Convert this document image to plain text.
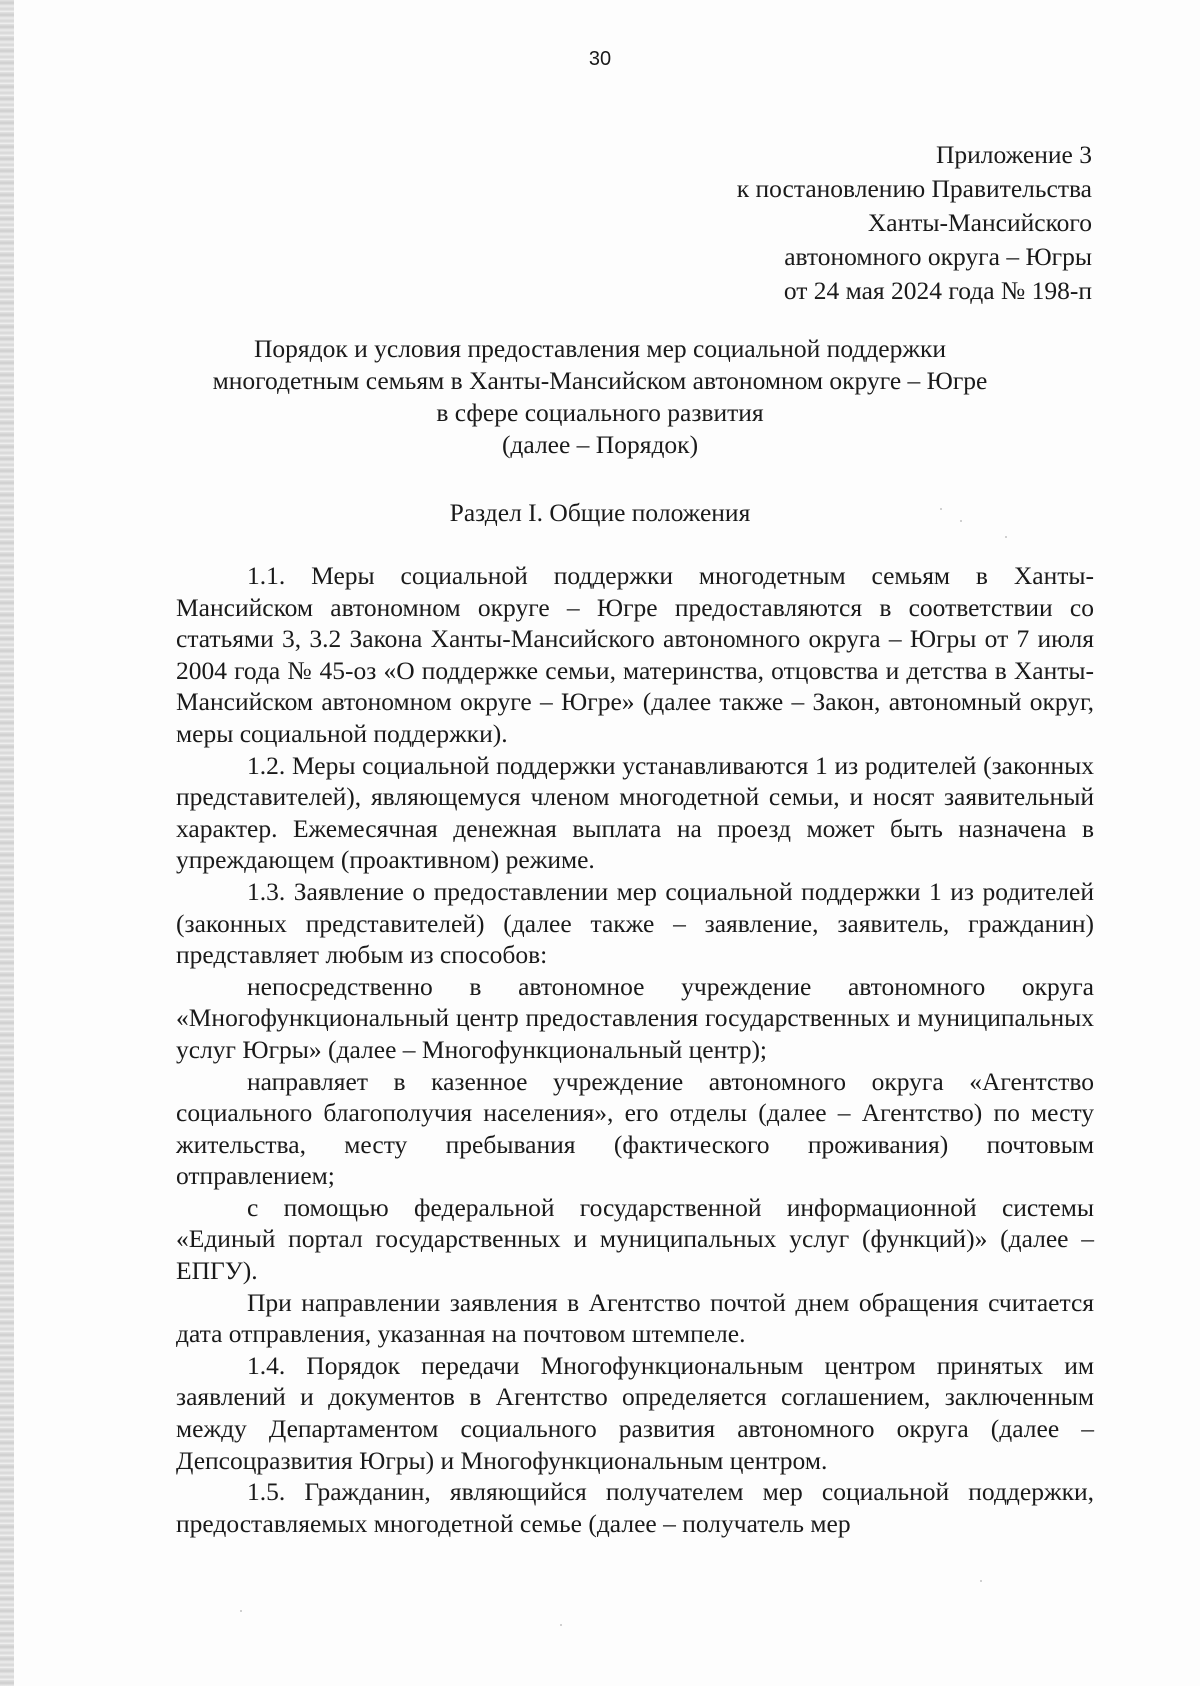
30
Приложение 3
к постановлению Правительства
Ханты-Мансийского
автономного округа – Югры
от 24 мая 2024 года № 198-п
Порядок и условия предоставления мер социальной поддержки
многодетным семьям в Ханты-Мансийском автономном округе – Югре
в сфере социального развития
(далее – Порядок)
Раздел I. Общие положения

1.1. Меры социальной поддержки многодетным семьям в Ханты-Мансийском автономном округе – Югре предоставляются в соответствии со статьями 3, 3.2 Закона Ханты-Мансийского автономного округа – Югры от 7 июля 2004 года № 45-оз «О поддержке семьи, материнства, отцовства и детства в Ханты-Мансийском автономном округе – Югре» (далее также – Закон, автономный округ, меры социальной поддержки).

1.2. Меры социальной поддержки устанавливаются 1 из родителей (законных представителей), являющемуся членом многодетной семьи, и носят заявительный характер. Ежемесячная денежная выплата на проезд может быть назначена в упреждающем (проактивном) режиме.

1.3. Заявление о предоставлении мер социальной поддержки 1 из родителей (законных представителей) (далее также – заявление, заявитель, гражданин) представляет любым из способов:

непосредственно в автономное учреждение автономного округа «Многофункциональный центр предоставления государственных и муниципальных услуг Югры» (далее – Многофункциональный центр);

направляет в казенное учреждение автономного округа «Агентство социального благополучия населения», его отделы (далее – Агентство) по месту жительства, месту пребывания (фактического проживания) почтовым отправлением;

с помощью федеральной государственной информационной системы «Единый портал государственных и муниципальных услуг (функций)» (далее – ЕПГУ).

При направлении заявления в Агентство почтой днем обращения считается дата отправления, указанная на почтовом штемпеле.

1.4. Порядок передачи Многофункциональным центром принятых им заявлений и документов в Агентство определяется соглашением, заключенным между Департаментом социального развития автономного округа (далее – Депсоцразвития Югры) и Многофункциональным центром.

1.5. Гражданин, являющийся получателем мер социальной поддержки, предоставляемых многодетной семье (далее – получатель мер
